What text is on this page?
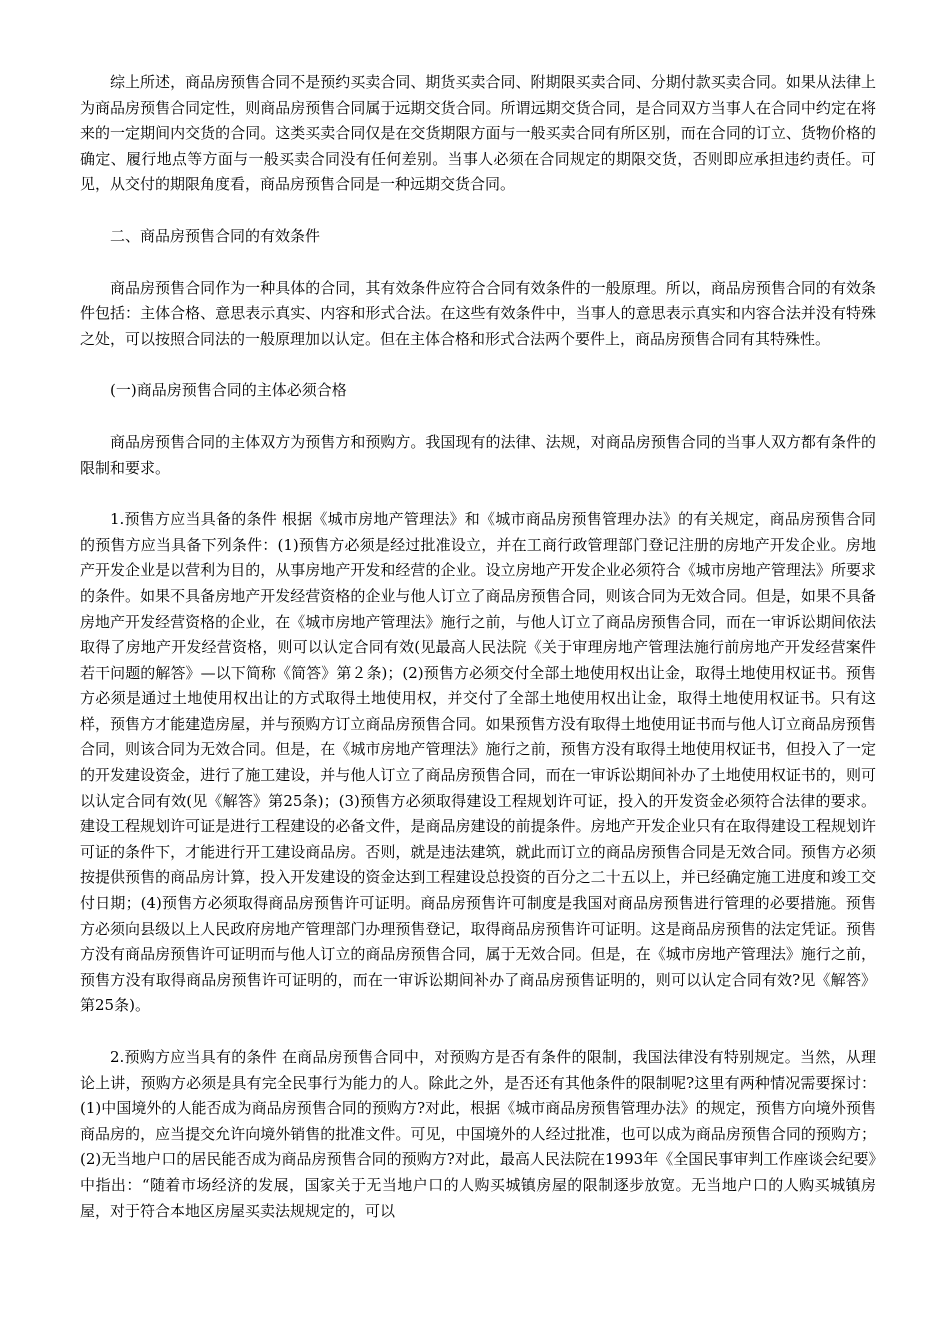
综上所述，商品房预售合同不是预约买卖合同、期货买卖合同、附期限买卖合同、分期付款买卖合同。如果从法律上为商品房预售合同定性，则商品房预售合同属于远期交货合同。所谓远期交货合同，是合同双方当事人在合同中约定在将来的一定期间内交货的合同。这类买卖合同仅是在交货期限方面与一般买卖合同有所区别，而在合同的订立、货物价格的确定、履行地点等方面与一般买卖合同没有任何差别。当事人必须在合同规定的期限交货，否则即应承担违约责任。可见，从交付的期限角度看，商品房预售合同是一种远期交货合同。

二、商品房预售合同的有效条件

商品房预售合同作为一种具体的合同，其有效条件应符合合同有效条件的一般原理。所以，商品房预售合同的有效条件包括：主体合格、意思表示真实、内容和形式合法。在这些有效条件中，当事人的意思表示真实和内容合法并没有特殊之处，可以按照合同法的一般原理加以认定。但在主体合格和形式合法两个要件上，商品房预售合同有其特殊性。

(一)商品房预售合同的主体必须合格

商品房预售合同的主体双方为预售方和预购方。我国现有的法律、法规，对商品房预售合同的当事人双方都有条件的限制和要求。

1.预售方应当具备的条件 根据《城市房地产管理法》和《城市商品房预售管理办法》的有关规定，商品房预售合同的预售方应当具备下列条件：(1)预售方必须是经过批准设立，并在工商行政管理部门登记注册的房地产开发企业。房地产开发企业是以营利为目的，从事房地产开发和经营的企业。设立房地产开发企业必须符合《城市房地产管理法》所要求的条件。如果不具备房地产开发经营资格的企业与他人订立了商品房预售合同，则该合同为无效合同。但是，如果不具备房地产开发经营资格的企业，在《城市房地产管理法》施行之前，与他人订立了商品房预售合同，而在一审诉讼期间依法取得了房地产开发经营资格，则可以认定合同有效(见最高人民法院《关于审理房地产管理法施行前房地产开发经营案件若干问题的解答》—以下简称《简答》第２条)；(2)预售方必须交付全部土地使用权出让金，取得土地使用权证书。预售方必须是通过土地使用权出让的方式取得土地使用权，并交付了全部土地使用权出让金，取得土地使用权证书。只有这样，预售方才能建造房屋，并与预购方订立商品房预售合同。如果预售方没有取得土地使用证书而与他人订立商品房预售合同，则该合同为无效合同。但是，在《城市房地产管理法》施行之前，预售方没有取得土地使用权证书，但投入了一定的开发建设资金，进行了施工建设，并与他人订立了商品房预售合同，而在一审诉讼期间补办了土地使用权证书的，则可以认定合同有效(见《解答》第25条)；(3)预售方必须取得建设工程规划许可证，投入的开发资金必须符合法律的要求。建设工程规划许可证是进行工程建设的必备文件，是商品房建设的前提条件。房地产开发企业只有在取得建设工程规划许可证的条件下，才能进行开工建设商品房。否则，就是违法建筑，就此而订立的商品房预售合同是无效合同。预售方必须按提供预售的商品房计算，投入开发建设的资金达到工程建设总投资的百分之二十五以上，并已经确定施工进度和竣工交付日期；(4)预售方必须取得商品房预售许可证明。商品房预售许可制度是我国对商品房预售进行管理的必要措施。预售方必须向县级以上人民政府房地产管理部门办理预售登记，取得商品房预售许可证明。这是商品房预售的法定凭证。预售方没有商品房预售许可证明而与他人订立的商品房预售合同，属于无效合同。但是，在《城市房地产管理法》施行之前，预售方没有取得商品房预售许可证明的，而在一审诉讼期间补办了商品房预售证明的，则可以认定合同有效?见《解答》第25条)。

2.预购方应当具有的条件 在商品房预售合同中，对预购方是否有条件的限制，我国法律没有特别规定。当然，从理论上讲，预购方必须是具有完全民事行为能力的人。除此之外，是否还有其他条件的限制呢?这里有两种情况需要探讨：(1)中国境外的人能否成为商品房预售合同的预购方?对此，根据《城市商品房预售管理办法》的规定，预售方向境外预售商品房的，应当提交允许向境外销售的批准文件。可见，中国境外的人经过批准，也可以成为商品房预售合同的预购方；(2)无当地户口的居民能否成为商品房预售合同的预购方?对此，最高人民法院在1993年《全国民事审判工作座谈会纪要》中指出：“随着市场经济的发展，国家关于无当地户口的人购买城镇房屋的限制逐步放宽。无当地户口的人购买城镇房屋，对于符合本地区房屋买卖法规规定的，可以
